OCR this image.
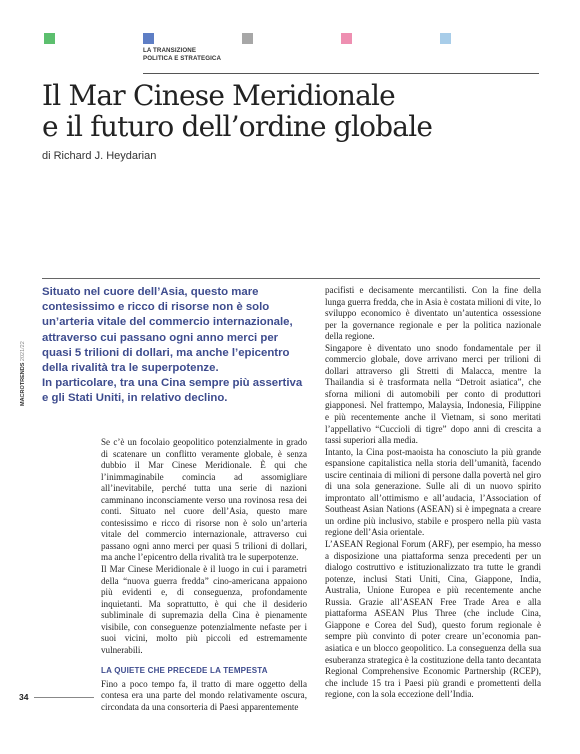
LA TRANSIZIONE
POLITICA E STRATEGICA
Il Mar Cinese Meridionale
e il futuro dell’ordine globale
di Richard J. Heydarian

Situato nel cuore dell’Asia, questo mare contesissimo e ricco di risorse non è solo un’arteria vitale del commercio internazionale, attraverso cui passano ogni anno merci per quasi 5 trilioni di dollari, ma anche l’epicentro della rivalità tra le superpotenze.

In particolare, tra una Cina sempre più assertiva e gli Stati Uniti, in relativo declino.

MACROTRENDS 2021/22

Se c’è un focolaio geopolitico potenzialmente in grado di scatenare un conflitto veramente globale, è senza dubbio il Mar Cinese Meridionale. È qui che l’inimmaginabile comincia ad assomigliare all’inevitabile, perché tutta una serie di nazioni camminano inconsciamente verso una rovinosa resa dei conti. Situato nel cuore dell’Asia, questo mare contesissimo e ricco di risorse non è solo un’arteria vitale del commercio internazionale, attraverso cui passano ogni anno merci per quasi 5 trilioni di dollari, ma anche l’epicentro della rivalità tra le superpotenze.

Il Mar Cinese Meridionale è il luogo in cui i parametri della “nuova guerra fredda” cino-americana appaiono più evidenti e, di conseguenza, profondamente inquietanti. Ma soprattutto, è qui che il desiderio subliminale di supremazia della Cina è pienamente visibile, con conseguenze potenzialmente nefaste per i suoi vicini, molto più piccoli ed estremamente vulnerabili.

LA QUIETE CHE PRECEDE LA TEMPESTA

Fino a poco tempo fa, il tratto di mare oggetto della contesa era una parte del mondo relativamente oscura, circondata da una consorteria di Paesi apparentemente

pacifisti e decisamente mercantilisti. Con la fine della lunga guerra fredda, che in Asia è costata milioni di vite, lo sviluppo economico è diventato un’autentica ossessione per la governance regionale e per la politica nazionale della regione.

Singapore è diventato uno snodo fondamentale per il commercio globale, dove arrivano merci per trilioni di dollari attraverso gli Stretti di Malacca, mentre la Thailandia si è trasformata nella “Detroit asiatica”, che sforna milioni di automobili per conto di produttori giapponesi. Nel frattempo, Malaysia, Indonesia, Filippine e più recentemente anche il Vietnam, si sono meritati l’appellativo “Cuccioli di tigre” dopo anni di crescita a tassi superiori alla media.

Intanto, la Cina post-maoista ha conosciuto la più grande espansione capitalistica nella storia dell’umanità, facendo uscire centinaia di milioni di persone dalla povertà nel giro di una sola generazione. Sulle ali di un nuovo spirito improntato all’ottimismo e all’audacia, l’Association of Southeast Asian Nations (ASEAN) si è impegnata a creare un ordine più inclusivo, stabile e prospero nella più vasta regione dell’Asia orientale.

L’ASEAN Regional Forum (ARF), per esempio, ha messo a disposizione una piattaforma senza precedenti per un dialogo costruttivo e istituzionalizzato tra tutte le grandi potenze, inclusi Stati Uniti, Cina, Giappone, India, Australia, Unione Europea e più recentemente anche Russia. Grazie all’ASEAN Free Trade Area e alla piattaforma ASEAN Plus Three (che include Cina, Giappone e Corea del Sud), questo forum regionale è sempre più convinto di poter creare un’economia pan-asiatica e un blocco geopolitico. La conseguenza della sua esuberanza strategica è la costituzione della tanto decantata Regional Comprehensive Economic Partnership (RCEP), che include 15 tra i Paesi più grandi e promettenti della regione, con la sola eccezione dell’India.

34
